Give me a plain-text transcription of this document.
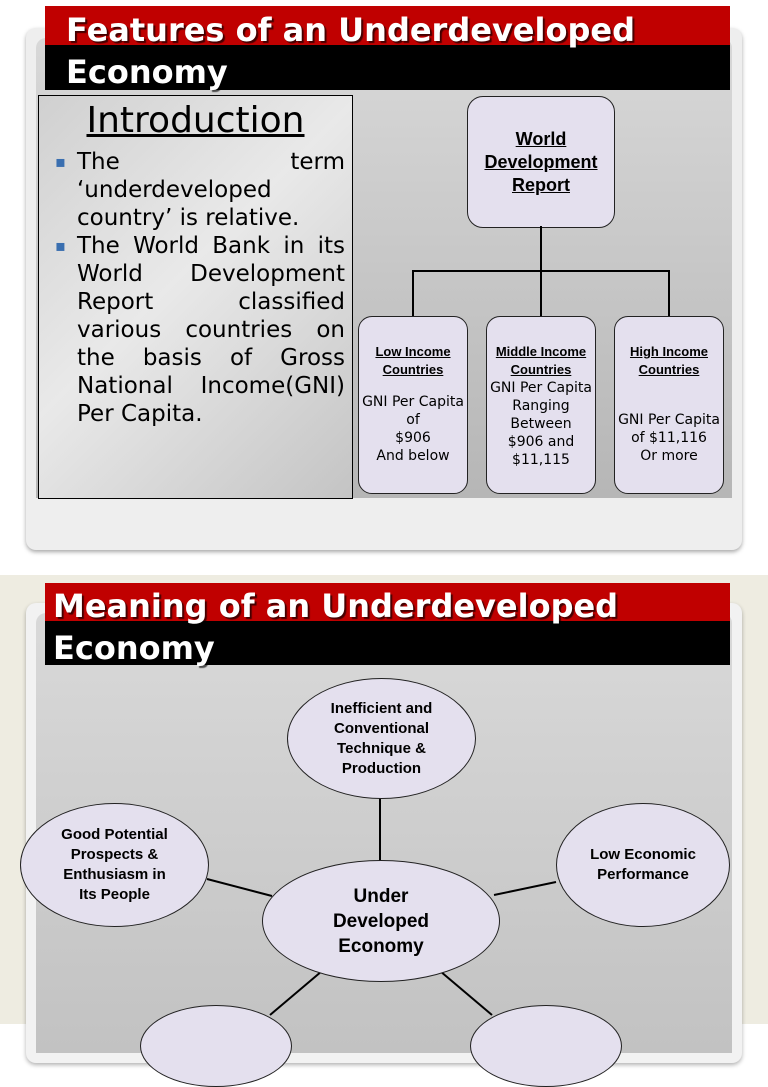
Features of an Underdeveloped
Economy
Introduction
▪ The term ‘underdeveloped country’ is relative.
▪ The World Bank in its World Development Report classified various countries on the basis of Gross National Income(GNI) Per Capita.
World Development Report
Low Income Countries
GNI Per Capita
of
$906
And below
Middle Income Countries
GNI Per Capita
Ranging
Between
$906 and
$11,115
High Income Countries
GNI Per Capita
of $11,116
Or more
Meaning of an Underdeveloped
Economy
Inefficient and Conventional Technique & Production
Good Potential Prospects & Enthusiasm in Its People
Low Economic Performance
Under Developed Economy
